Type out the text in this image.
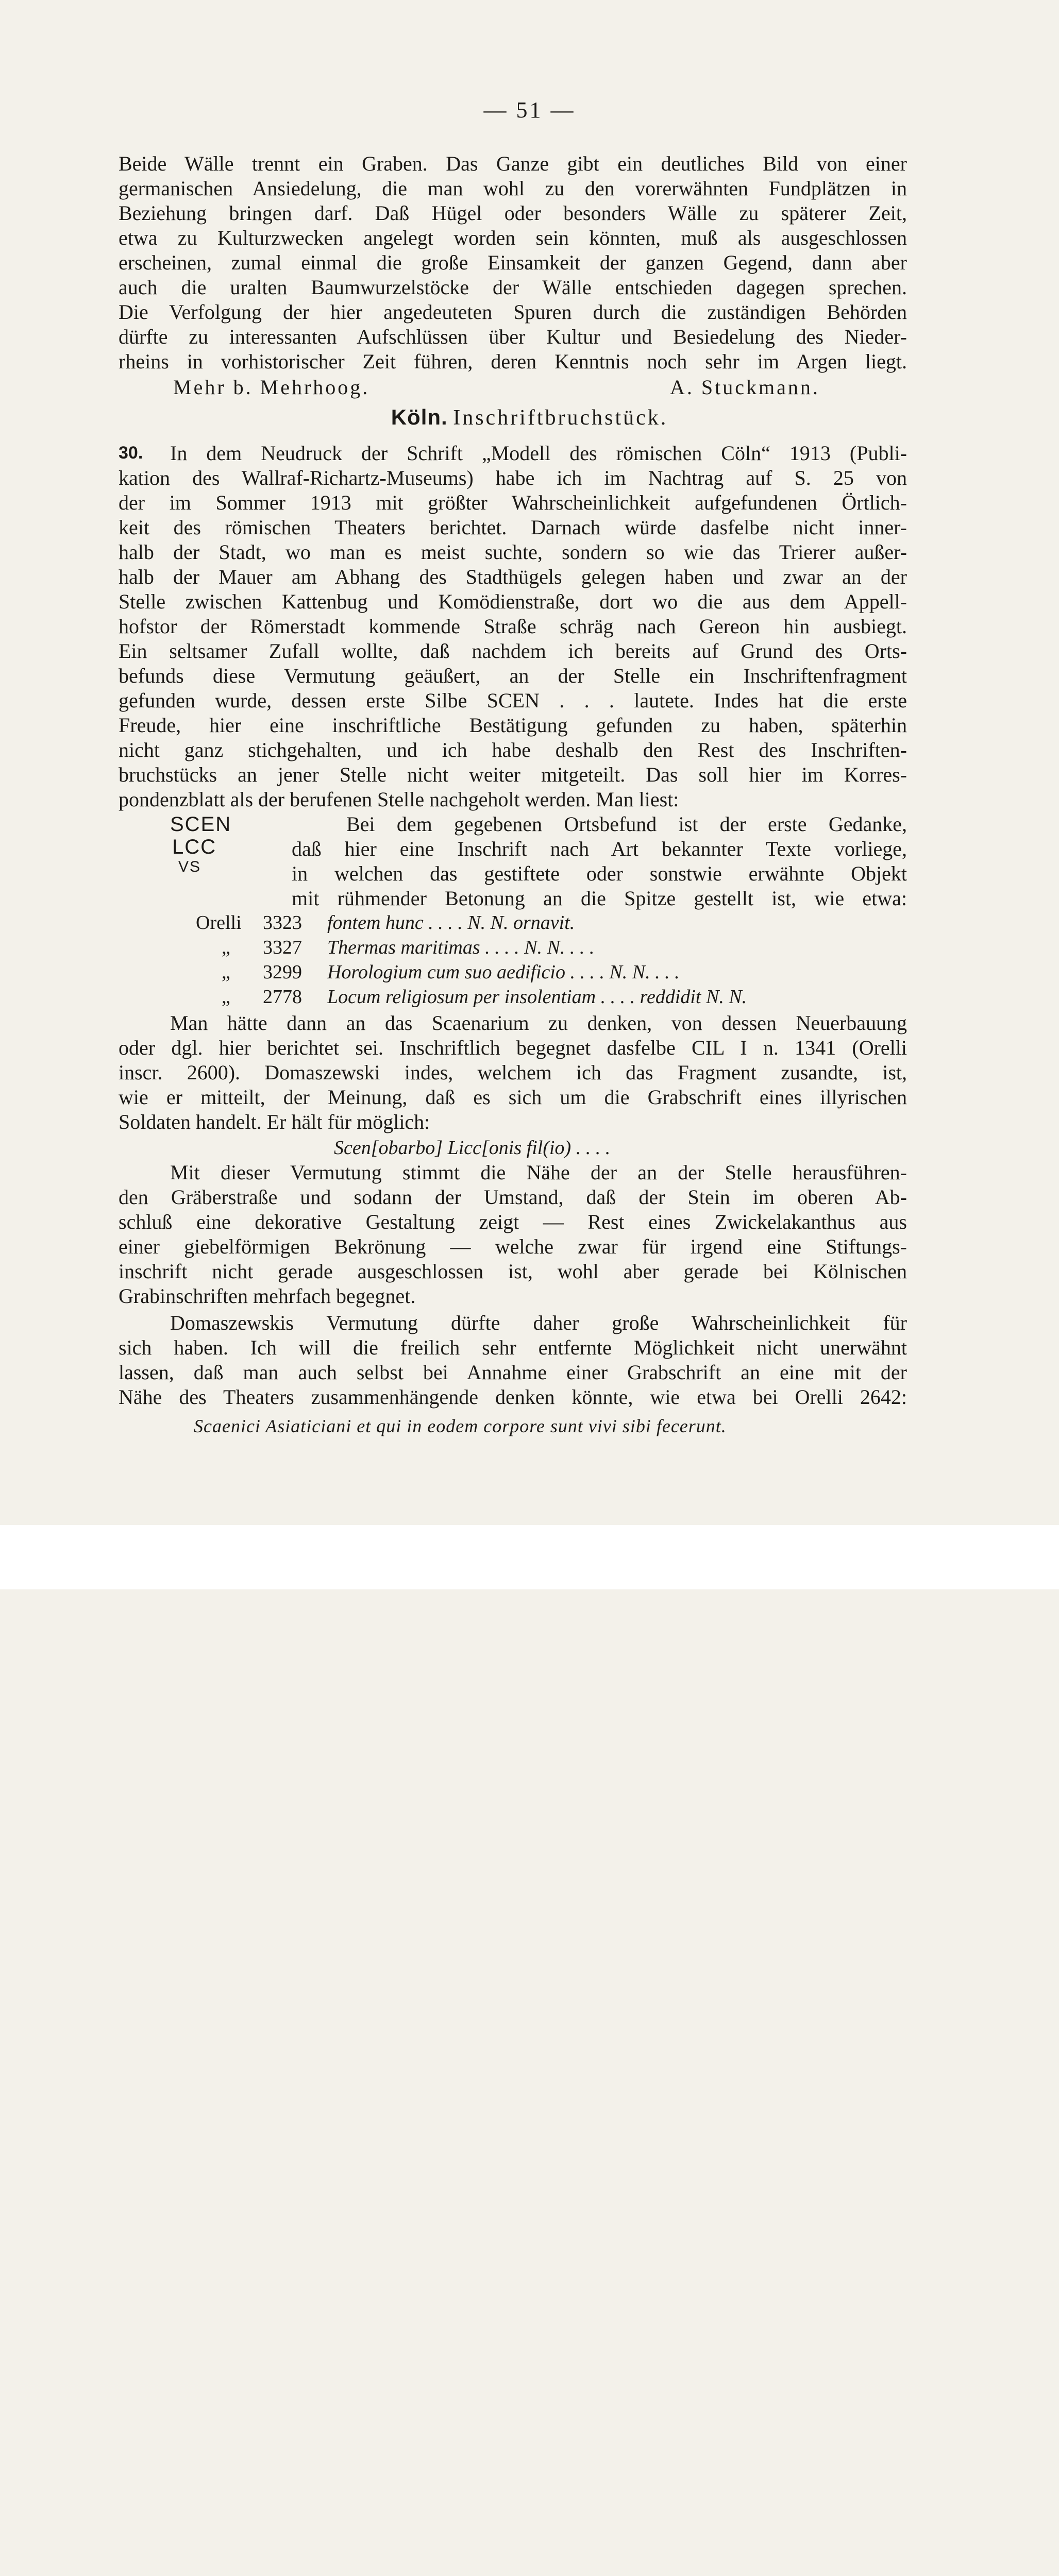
— 51 —
Beide Wälle trennt ein Graben. Das Ganze gibt ein deutliches Bild von einer
germanischen Ansiedelung, die man wohl zu den vorerwähnten Fundplätzen in
Beziehung bringen darf. Daß Hügel oder besonders Wälle zu späterer Zeit,
etwa zu Kulturzwecken angelegt worden sein könnten, muß als ausgeschlossen
erscheinen, zumal einmal die große Einsamkeit der ganzen Gegend, dann aber
auch die uralten Baumwurzelstöcke der Wälle entschieden dagegen sprechen.
Die Verfolgung der hier angedeuteten Spuren durch die zuständigen Behörden
dürfte zu interessanten Aufschlüssen über Kultur und Besiedelung des Nieder-
rheins in vorhistorischer Zeit führen, deren Kenntnis noch sehr im Argen liegt.
Mehr b. Mehrhoog.	A. Stuckmann.
Köln. Inschriftbruchstück.
30. In dem Neudruck der Schrift „Modell des römischen Cöln“ 1913 (Publi-
kation des Wallraf-Richartz-Museums) habe ich im Nachtrag auf S. 25 von
der im Sommer 1913 mit größter Wahrscheinlichkeit aufgefundenen Örtlich-
keit des römischen Theaters berichtet. Darnach würde dasfelbe nicht inner-
halb der Stadt, wo man es meist suchte, sondern so wie das Trierer außer-
halb der Mauer am Abhang des Stadthügels gelegen haben und zwar an der
Stelle zwischen Kattenbug und Komödienstraße, dort wo die aus dem Appell-
hofstor der Römerstadt kommende Straße schräg nach Gereon hin ausbiegt.
Ein seltsamer Zufall wollte, daß nachdem ich bereits auf Grund des Orts-
befunds diese Vermutung geäußert, an der Stelle ein Inschriftenfragment
gefunden wurde, dessen erste Silbe SCEN . . . lautete. Indes hat die erste
Freude, hier eine inschriftliche Bestätigung gefunden zu haben, späterhin
nicht ganz stichgehalten, und ich habe deshalb den Rest des Inschriften-
bruchstücks an jener Stelle nicht weiter mitgeteilt. Das soll hier im Korres-
pondenzblatt als der berufenen Stelle nachgeholt werden. Man liest:
SCEN
LCC
VS
Bei dem gegebenen Ortsbefund ist der erste Gedanke,
daß hier eine Inschrift nach Art bekannter Texte vorliege,
in welchen das gestiftete oder sonstwie erwähnte Objekt
mit rühmender Betonung an die Spitze gestellt ist, wie etwa:
Orelli 3323 fontem hunc . . . . N. N. ornavit.
„ 3327 Thermas maritimas . . . . N. N. . . .
„ 3299 Horologium cum suo aedificio . . . . N. N. . . .
„ 2778 Locum religiosum per insolentiam . . . . reddidit N. N.
Man hätte dann an das Scaenarium zu denken, von dessen Neuerbauung
oder dgl. hier berichtet sei. Inschriftlich begegnet dasfelbe CIL I n. 1341 (Orelli
inscr. 2600). Domaszewski indes, welchem ich das Fragment zusandte, ist,
wie er mitteilt, der Meinung, daß es sich um die Grabschrift eines illyrischen
Soldaten handelt. Er hält für möglich:
Scen[obarbo] Licc[onis fil(io) . . . .
Mit dieser Vermutung stimmt die Nähe der an der Stelle herausführen-
den Gräberstraße und sodann der Umstand, daß der Stein im oberen Ab-
schluß eine dekorative Gestaltung zeigt — Rest eines Zwickelakanthus aus
einer giebelförmigen Bekrönung — welche zwar für irgend eine Stiftungs-
inschrift nicht gerade ausgeschlossen ist, wohl aber gerade bei Kölnischen
Grabinschriften mehrfach begegnet.
Domaszewskis Vermutung dürfte daher große Wahrscheinlichkeit für
sich haben. Ich will die freilich sehr entfernte Möglichkeit nicht unerwähnt
lassen, daß man auch selbst bei Annahme einer Grabschrift an eine mit der
Nähe des Theaters zusammenhängende denken könnte, wie etwa bei Orelli 2642:
Scaenici Asiaticiani et qui in eodem corpore sunt vivi sibi fecerunt.
